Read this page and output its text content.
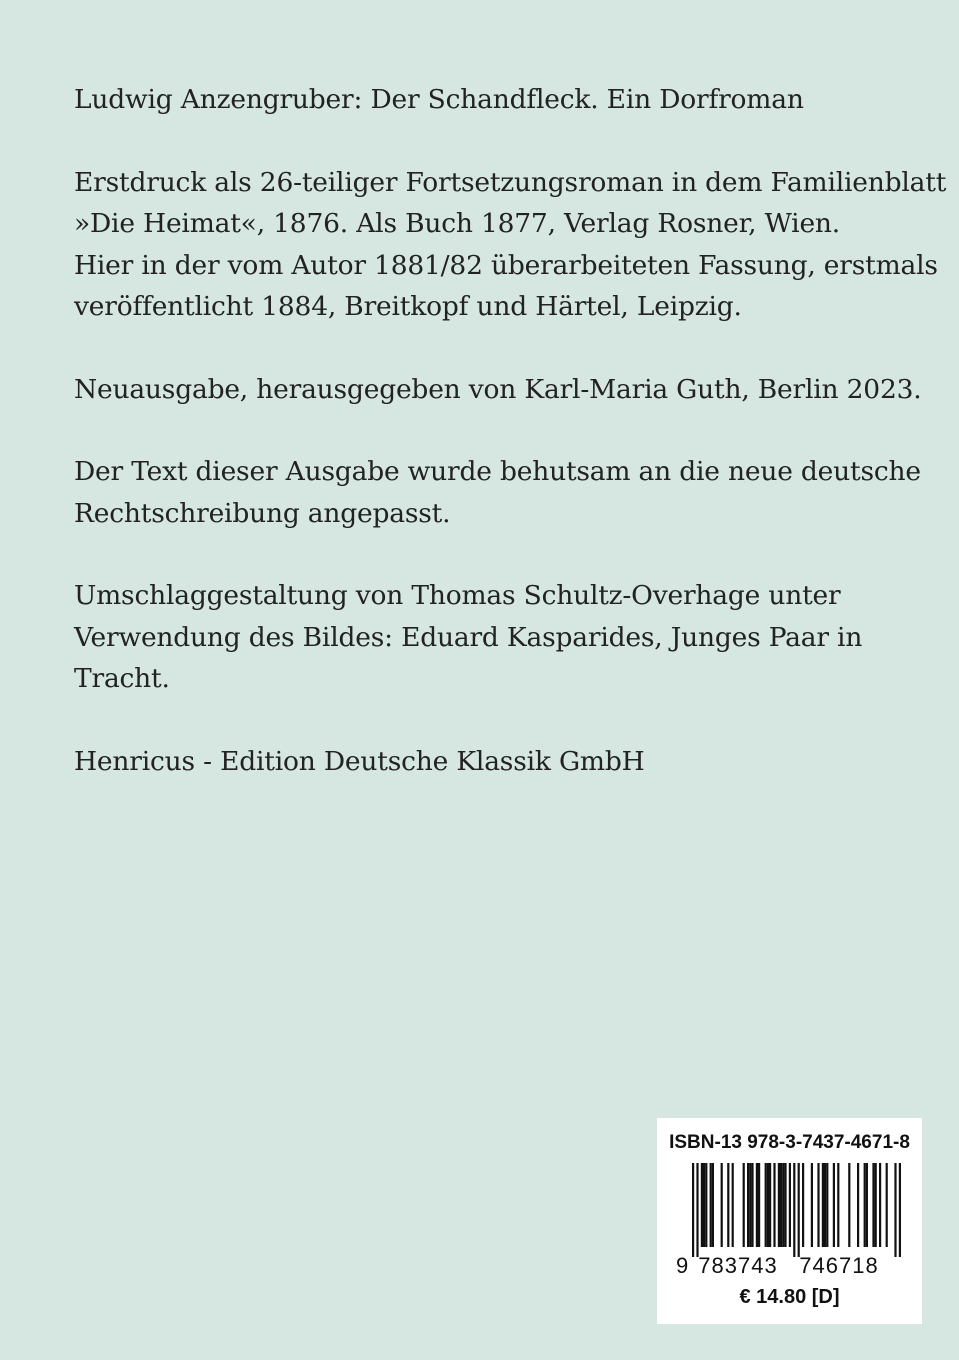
Ludwig Anzengruber: Der Schandfleck. Ein Dorfroman

Erstdruck als 26-teiliger Fortsetzungsroman in dem Familienblatt
»Die Heimat«, 1876. Als Buch 1877, Verlag Rosner, Wien.
Hier in der vom Autor 1881/82 überarbeiteten Fassung, erstmals
veröffentlicht 1884, Breitkopf und Härtel, Leipzig.

Neuausgabe, herausgegeben von Karl-Maria Guth, Berlin 2023.

Der Text dieser Ausgabe wurde behutsam an die neue deutsche
Rechtschreibung angepasst.

Umschlaggestaltung von Thomas Schultz-Overhage unter
Verwendung des Bildes: Eduard Kasparides, Junges Paar in
Tracht.

Henricus - Edition Deutsche Klassik GmbH

ISBN-13 978-3-7437-4671-8
9 783743 746718
€ 14.80 [D]
